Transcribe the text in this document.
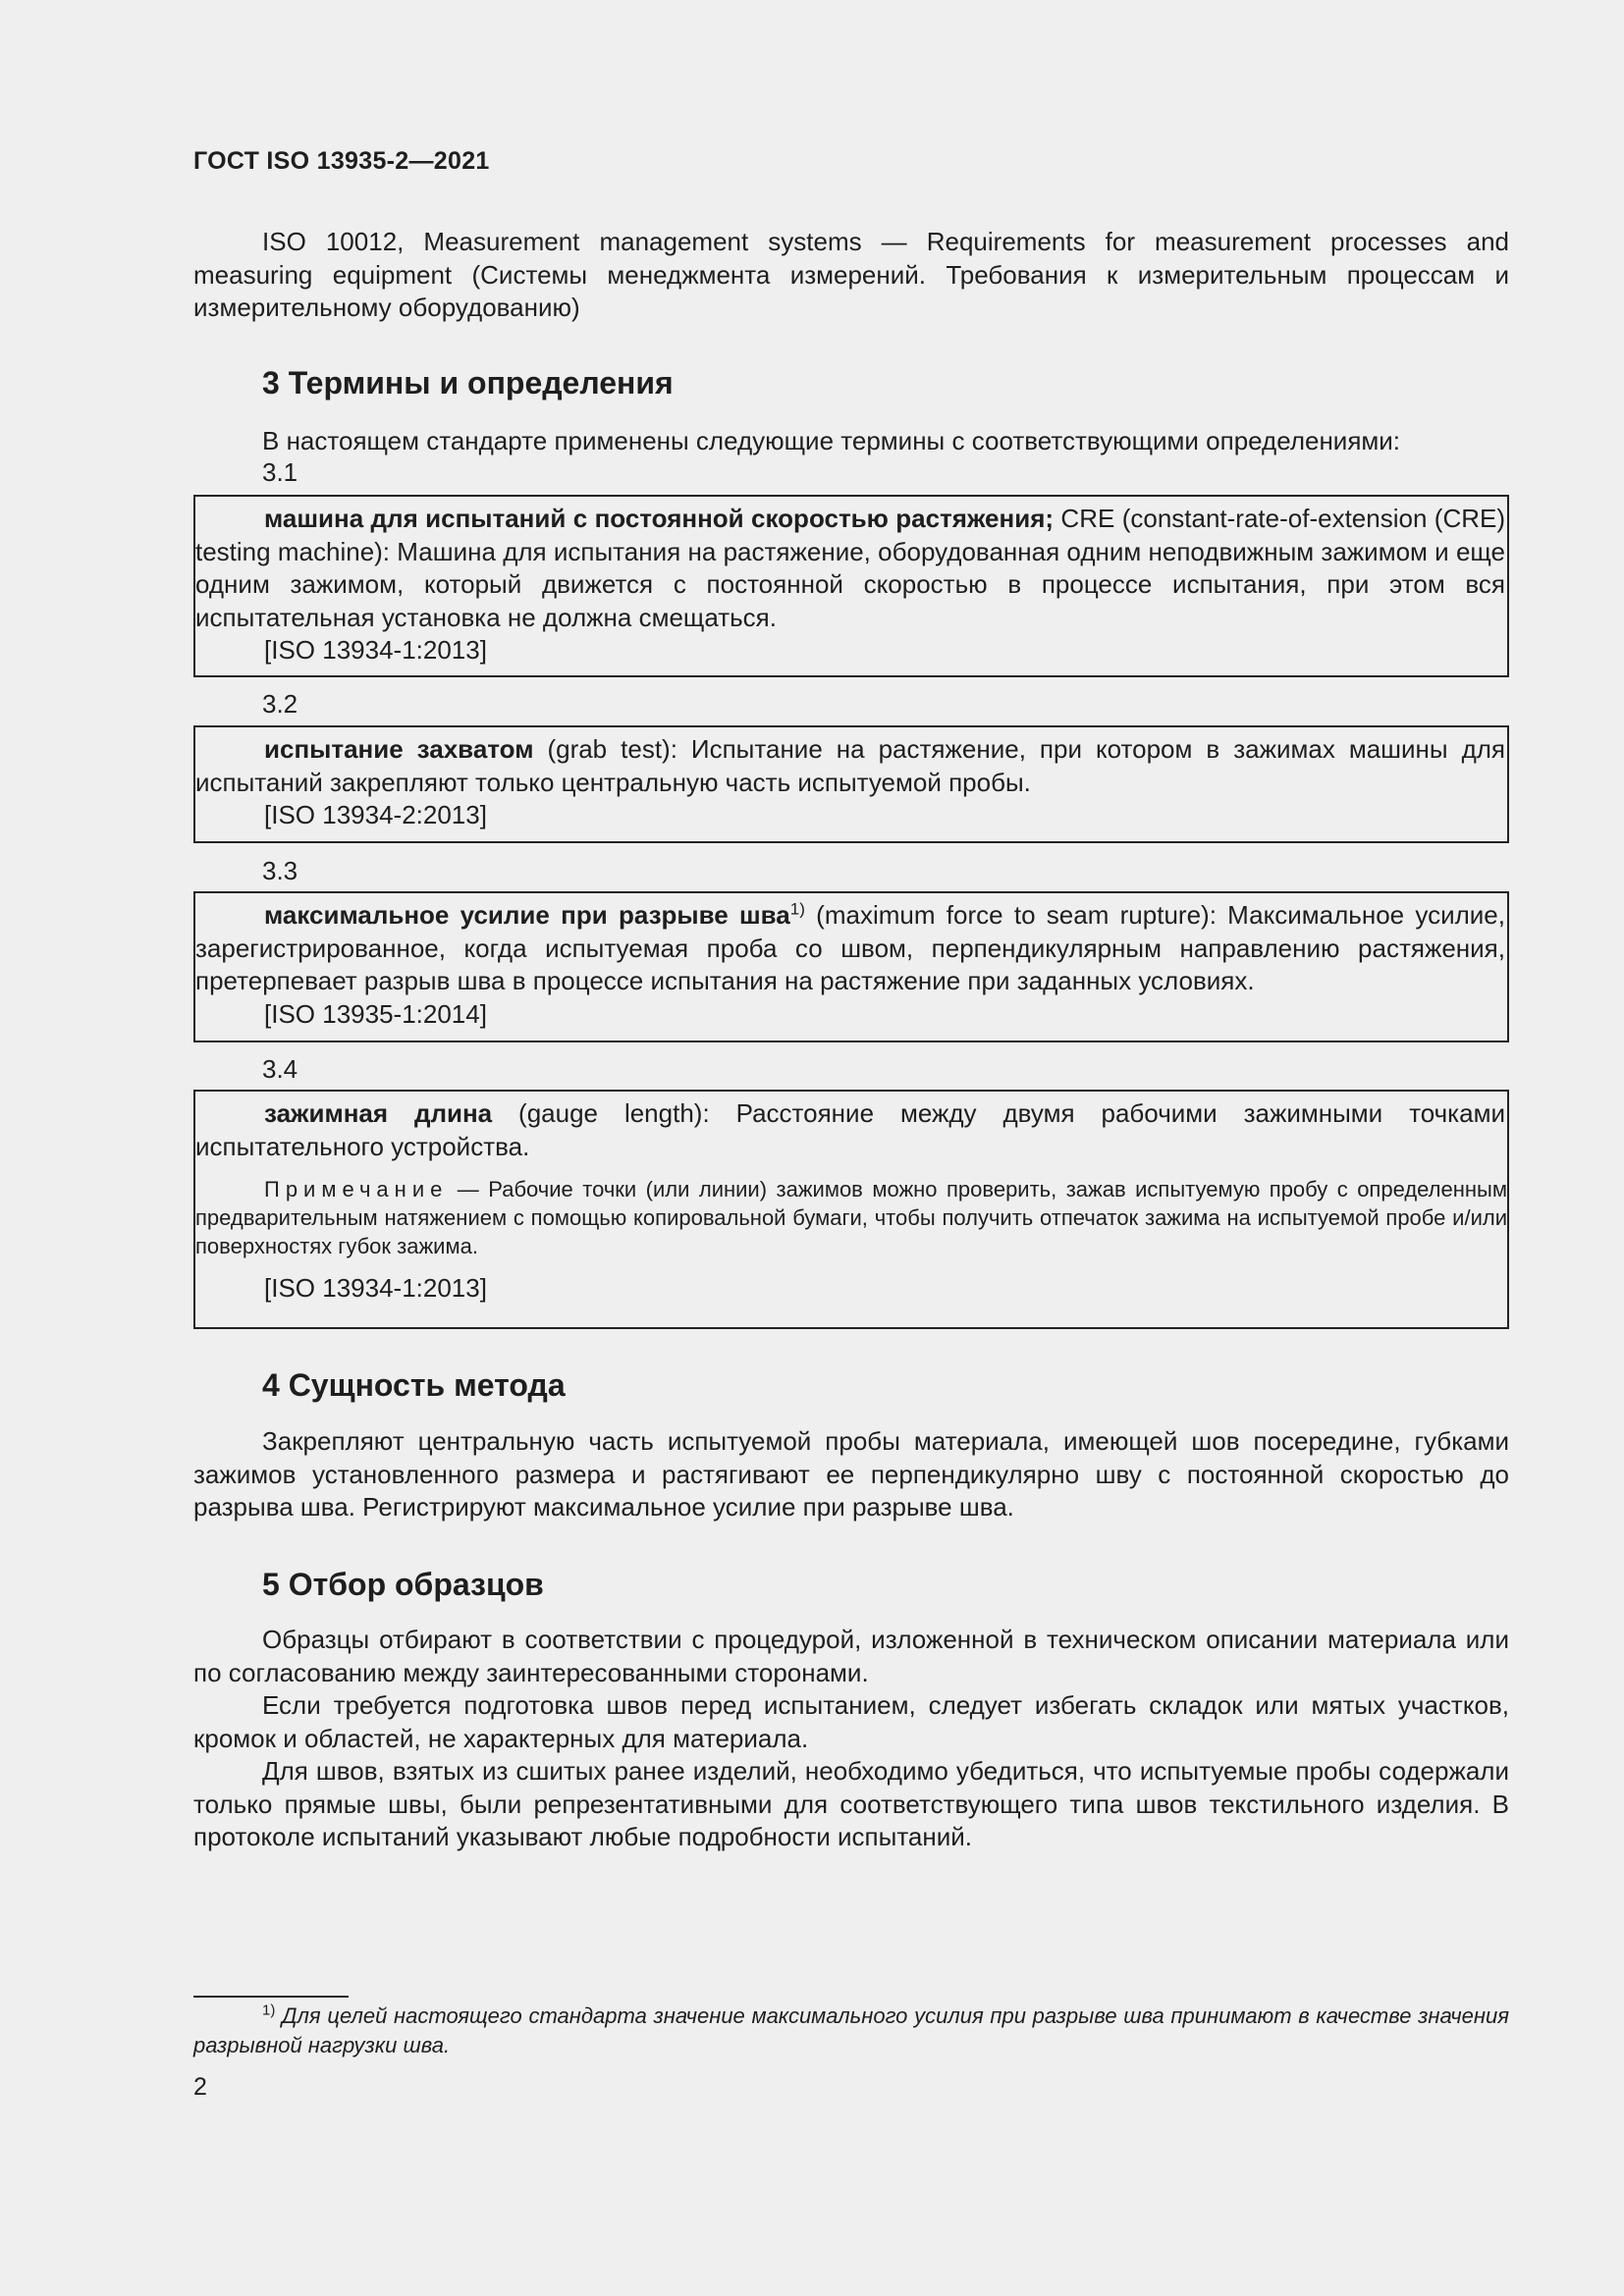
ГОСТ ISO 13935-2—2021

ISO 10012, Measurement management systems — Requirements for measurement processes and measuring equipment (Системы менеджмента измерений. Требования к измерительным процессам и измерительному оборудованию)

3 Термины и определения

В настоящем стандарте применены следующие термины с соответствующими определениями:

3.1

машина для испытаний с постоянной скоростью растяжения; CRE (constant-rate-of-extension (CRE) testing machine): Машина для испытания на растяжение, оборудованная одним неподвижным зажимом и еще одним зажимом, который движется с постоянной скоростью в процессе испытания, при этом вся испытательная установка не должна смещаться.

[ISO 13934-1:2013]
3.2

испытание захватом (grab test): Испытание на растяжение, при котором в зажимах машины для испытаний закрепляют только центральную часть испытуемой пробы.

[ISO 13934-2:2013]
3.3

максимальное усилие при разрыве шва$^{1)}$ (maximum force to seam rupture): Максимальное усилие, зарегистрированное, когда испытуемая проба со швом, перпендикулярным направлению растяжения, претерпевает разрыв шва в процессе испытания на растяжение при заданных условиях.

[ISO 13935-1:2014]
3.4

зажимная длина (gauge length): Расстояние между двумя рабочими зажимными точками испытательного устройства.

Примечание — Рабочие точки (или линии) зажимов можно проверить, зажав испытуемую пробу с определенным предварительным натяжением с помощью копировальной бумаги, чтобы получить отпечаток зажима на испытуемой пробе и/или поверхностях губок зажима.

[ISO 13934-1:2013]
4 Сущность метода

Закрепляют центральную часть испытуемой пробы материала, имеющей шов посередине, губками зажимов установленного размера и растягивают ее перпендикулярно шву с постоянной скоростью до разрыва шва. Регистрируют максимальное усилие при разрыве шва.

5 Отбор образцов

Образцы отбирают в соответствии с процедурой, изложенной в техническом описании материала или по согласованию между заинтересованными сторонами.

Если требуется подготовка швов перед испытанием, следует избегать складок или мятых участков, кромок и областей, не характерных для материала.

Для швов, взятых из сшитых ранее изделий, необходимо убедиться, что испытуемые пробы содержали только прямые швы, были репрезентативными для соответствующего типа швов текстильного изделия. В протоколе испытаний указывают любые подробности испытаний.

$^{1)}$ Для целей настоящего стандарта значение максимального усилия при разрыве шва принимают в качестве значения разрывной нагрузки шва.

2
